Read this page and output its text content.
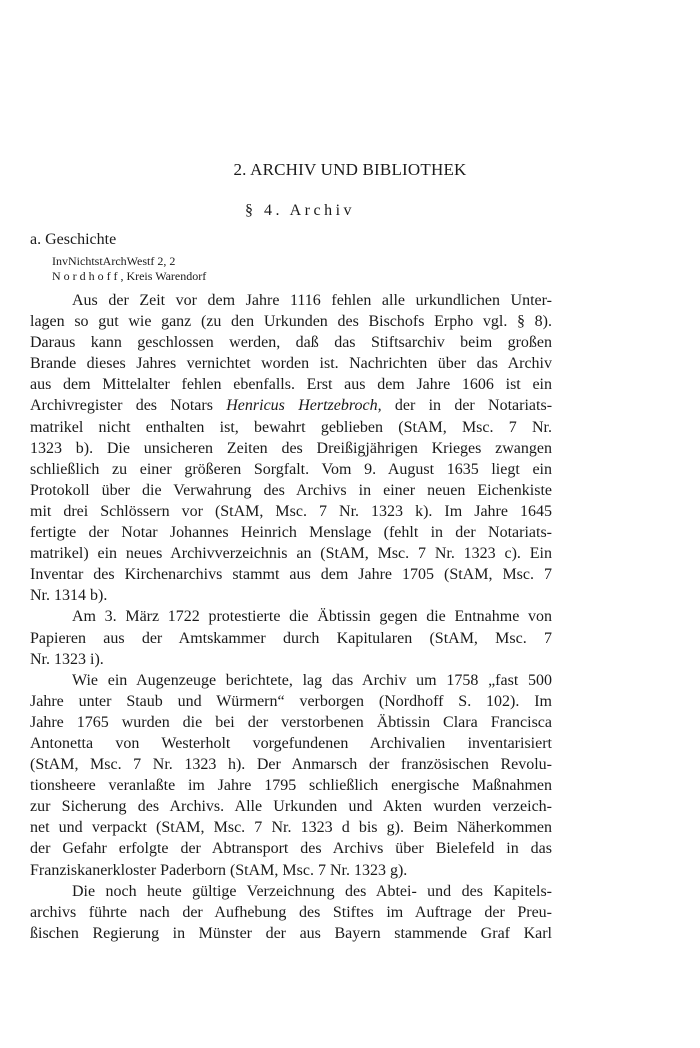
2. ARCHIV UND BIBLIOTHEK
§ 4. Archiv
a. Geschichte
InvNichtstArchWestf 2, 2
Nordhoff, Kreis Warendorf
Aus der Zeit vor dem Jahre 1116 fehlen alle urkundlichen Unter-
lagen so gut wie ganz (zu den Urkunden des Bischofs Erpho vgl. § 8).
Daraus kann geschlossen werden, daß das Stiftsarchiv beim großen
Brande dieses Jahres vernichtet worden ist. Nachrichten über das Archiv
aus dem Mittelalter fehlen ebenfalls. Erst aus dem Jahre 1606 ist ein
Archivregister des Notars Henricus Hertzebroch, der in der Notariats-
matrikel nicht enthalten ist, bewahrt geblieben (StAM, Msc. 7 Nr.
1323 b). Die unsicheren Zeiten des Dreißigjährigen Krieges zwangen
schließlich zu einer größeren Sorgfalt. Vom 9. August 1635 liegt ein
Protokoll über die Verwahrung des Archivs in einer neuen Eichenkiste
mit drei Schlössern vor (StAM, Msc. 7 Nr. 1323 k). Im Jahre 1645
fertigte der Notar Johannes Heinrich Menslage (fehlt in der Notariats-
matrikel) ein neues Archivverzeichnis an (StAM, Msc. 7 Nr. 1323 c). Ein
Inventar des Kirchenarchivs stammt aus dem Jahre 1705 (StAM, Msc. 7
Nr. 1314 b).
Am 3. März 1722 protestierte die Äbtissin gegen die Entnahme von
Papieren aus der Amtskammer durch Kapitularen (StAM, Msc. 7
Nr. 1323 i).
Wie ein Augenzeuge berichtete, lag das Archiv um 1758 „fast 500
Jahre unter Staub und Würmern“ verborgen (Nordhoff S. 102). Im
Jahre 1765 wurden die bei der verstorbenen Äbtissin Clara Francisca
Antonetta von Westerholt vorgefundenen Archivalien inventarisiert
(StAM, Msc. 7 Nr. 1323 h). Der Anmarsch der französischen Revolu-
tionsheere veranlaßte im Jahre 1795 schließlich energische Maßnahmen
zur Sicherung des Archivs. Alle Urkunden und Akten wurden verzeich-
net und verpackt (StAM, Msc. 7 Nr. 1323 d bis g). Beim Näherkommen
der Gefahr erfolgte der Abtransport des Archivs über Bielefeld in das
Franziskanerkloster Paderborn (StAM, Msc. 7 Nr. 1323 g).
Die noch heute gültige Verzeichnung des Abtei- und des Kapitels-
archivs führte nach der Aufhebung des Stiftes im Auftrage der Preu-
ßischen Regierung in Münster der aus Bayern stammende Graf Karl
